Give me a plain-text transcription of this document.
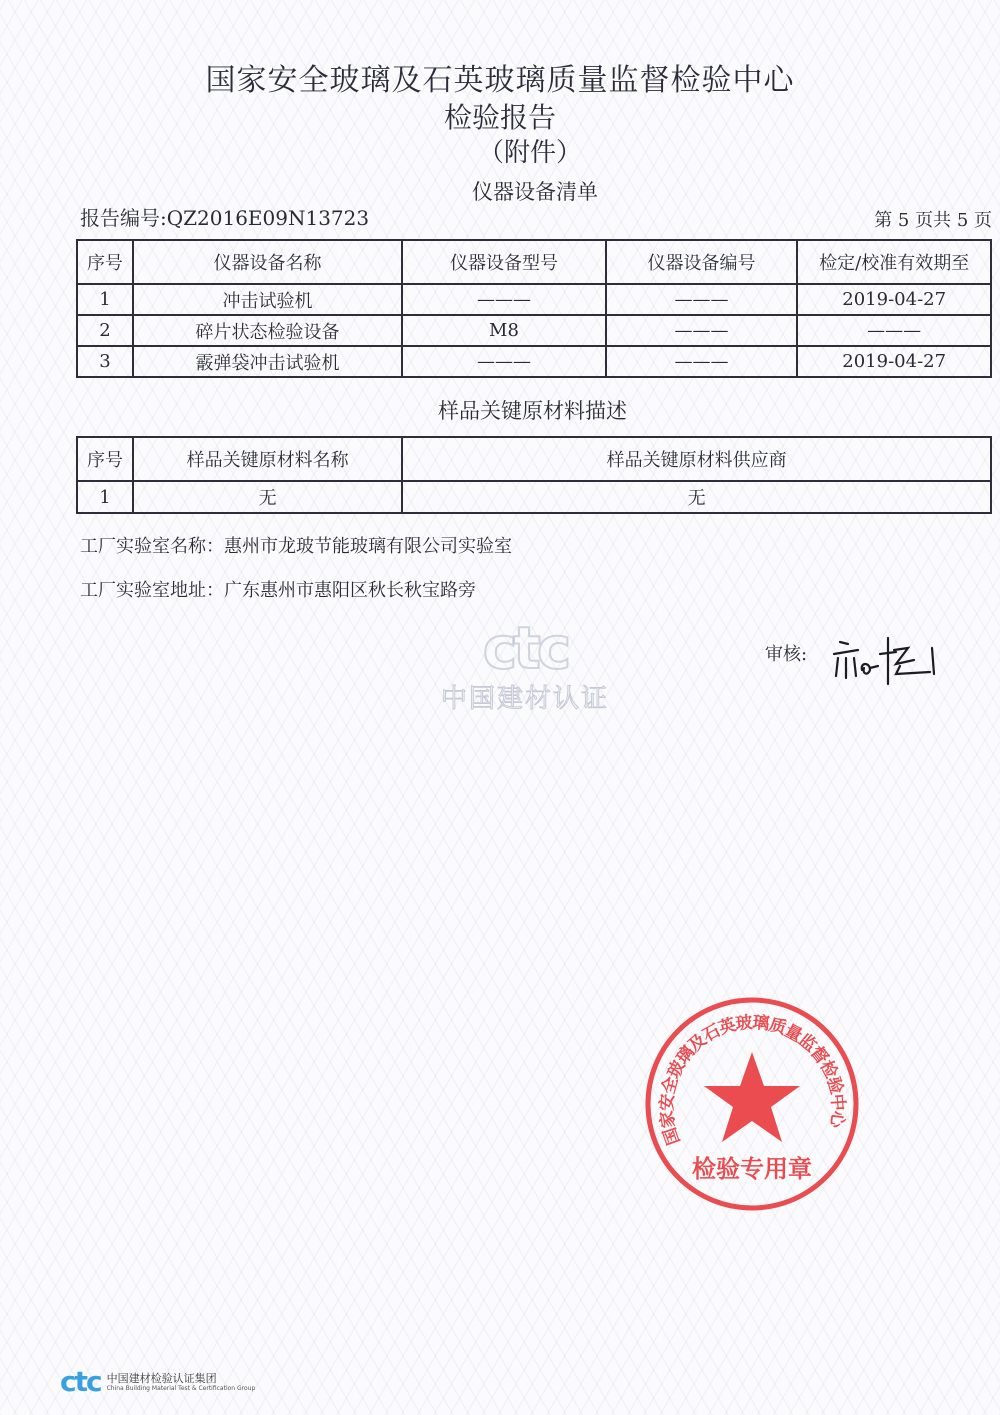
国家安全玻璃及石英玻璃质量监督检验中心
检验报告
（附件）
仪器设备清单
报告编号:QZ2016E09N13723	第 5 页共 5 页
序号	仪器设备名称	仪器设备型号	仪器设备编号	检定/校准有效期至
1	冲击试验机	———	———	2019-04-27
2	碎片状态检验设备	M8	———	———
3	霰弹袋冲击试验机	———	———	2019-04-27
样品关键原材料描述
序号	样品关键原材料名称	样品关键原材料供应商
1	无	无
工厂实验室名称：惠州市龙玻节能玻璃有限公司实验室
工厂实验室地址：广东惠州市惠阳区秋长秋宝路旁
ctc
中国建材认证
审核:
国家安全玻璃及石英玻璃质量监督检验中心
检验专用章
ctc 中国建材检验认证集团
China Building Material Test & Certification Group
